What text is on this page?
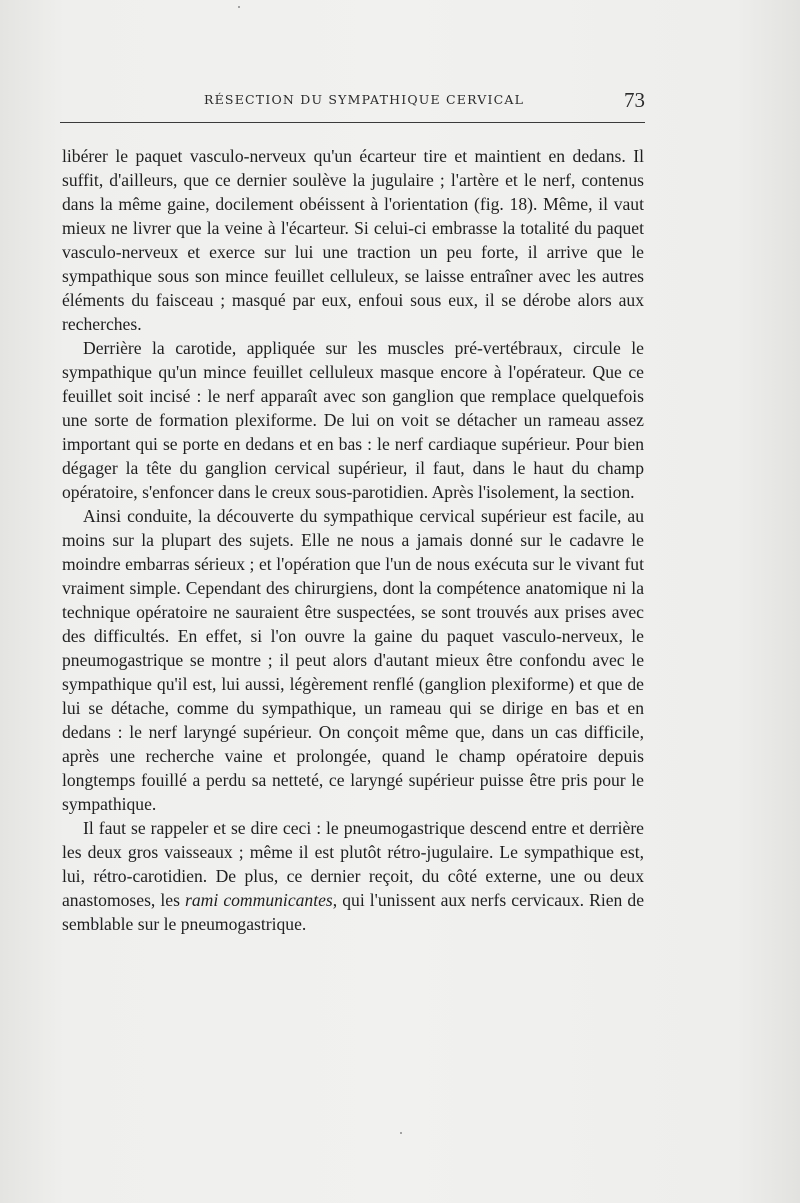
RÉSECTION DU SYMPATHIQUE CERVICAL	73

libérer le paquet vasculo-nerveux qu'un écarteur tire et maintient en dedans. Il suffit, d'ailleurs, que ce dernier soulève la jugulaire ; l'artère et le nerf, contenus dans la même gaine, docilement obéissent à l'orientation (fig. 18). Même, il vaut mieux ne livrer que la veine à l'écarteur. Si celui-ci embrasse la totalité du paquet vasculo-nerveux et exerce sur lui une traction un peu forte, il arrive que le sympathique sous son mince feuillet celluleux, se laisse entraîner avec les autres éléments du faisceau ; masqué par eux, enfoui sous eux, il se dérobe alors aux recherches.

Derrière la carotide, appliquée sur les muscles pré-vertébraux, circule le sympathique qu'un mince feuillet celluleux masque encore à l'opérateur. Que ce feuillet soit incisé : le nerf apparaît avec son ganglion que remplace quelquefois une sorte de formation plexiforme. De lui on voit se détacher un rameau assez important qui se porte en dedans et en bas : le nerf cardiaque supérieur. Pour bien dégager la tête du ganglion cervical supérieur, il faut, dans le haut du champ opératoire, s'enfoncer dans le creux sous-parotidien. Après l'isolement, la section.

Ainsi conduite, la découverte du sympathique cervical supérieur est facile, au moins sur la plupart des sujets. Elle ne nous a jamais donné sur le cadavre le moindre embarras sérieux ; et l'opération que l'un de nous exécuta sur le vivant fut vraiment simple. Cependant des chirurgiens, dont la compétence anatomique ni la technique opératoire ne sauraient être suspectées, se sont trouvés aux prises avec des difficultés. En effet, si l'on ouvre la gaine du paquet vasculo-nerveux, le pneumogastrique se montre ; il peut alors d'autant mieux être confondu avec le sympathique qu'il est, lui aussi, légèrement renflé (ganglion plexiforme) et que de lui se détache, comme du sympathique, un rameau qui se dirige en bas et en dedans : le nerf laryngé supérieur. On conçoit même que, dans un cas difficile, après une recherche vaine et prolongée, quand le champ opératoire depuis longtemps fouillé a perdu sa netteté, ce laryngé supérieur puisse être pris pour le sympathique.

Il faut se rappeler et se dire ceci : le pneumogastrique descend entre et derrière les deux gros vaisseaux ; même il est plutôt rétro-jugulaire. Le sympathique est, lui, rétro-carotidien. De plus, ce dernier reçoit, du côté externe, une ou deux anastomoses, les rami communicantes, qui l'unissent aux nerfs cervicaux. Rien de semblable sur le pneumogastrique.
